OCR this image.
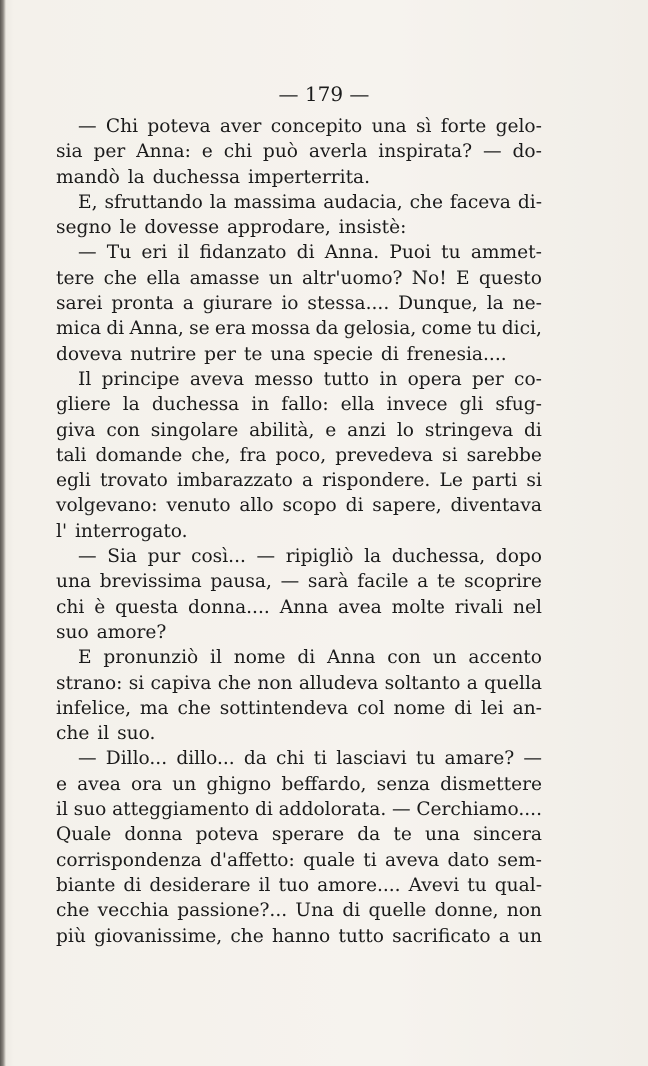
— 179 —

— Chi poteva aver concepito una sì forte gelo-
sia per Anna: e chi può averla inspirata? — do-
mandò la duchessa imperterrita.
E, sfruttando la massima audacia, che faceva di-
segno le dovesse approdare, insistè:
— Tu eri il fidanzato di Anna. Puoi tu ammet-
tere che ella amasse un altr'uomo? No! E questo
sarei pronta a giurare io stessa.... Dunque, la ne-
mica di Anna, se era mossa da gelosia, come tu dici,
doveva nutrire per te una specie di frenesia....
Il principe aveva messo tutto in opera per co-
gliere la duchessa in fallo: ella invece gli sfug-
giva con singolare abilità, e anzi lo stringeva di
tali domande che, fra poco, prevedeva si sarebbe
egli trovato imbarazzato a rispondere. Le parti si
volgevano: venuto allo scopo di sapere, diventava
l' interrogato.
— Sia pur così... — ripigliò la duchessa, dopo
una brevissima pausa, — sarà facile a te scoprire
chi è questa donna.... Anna avea molte rivali nel
suo amore?
E pronunziò il nome di Anna con un accento
strano: si capiva che non alludeva soltanto a quella
infelice, ma che sottintendeva col nome di lei an-
che il suo.
— Dillo... dillo... da chi ti lasciavi tu amare? —
e avea ora un ghigno beffardo, senza dismettere
il suo atteggiamento di addolorata. — Cerchiamo....
Quale donna poteva sperare da te una sincera
corrispondenza d'affetto: quale ti aveva dato sem-
biante di desiderare il tuo amore.... Avevi tu qual-
che vecchia passione?... Una di quelle donne, non
più giovanissime, che hanno tutto sacrificato a un
